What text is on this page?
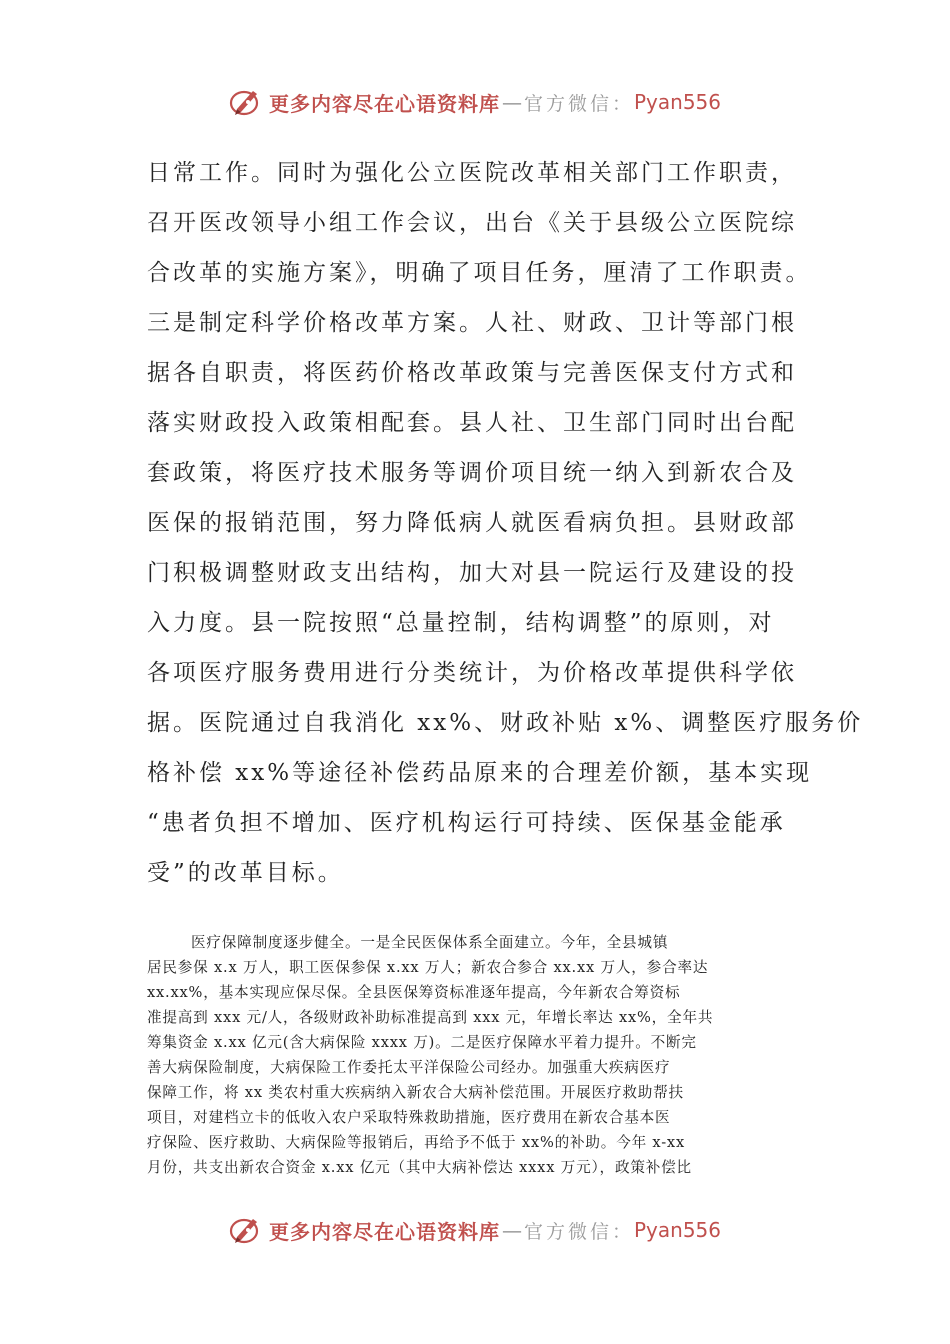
更多内容尽在心语资料库 — 官方微信： Pyan556
日常工作。同时为强化公立医院改革相关部门工作职责，
召开医改领导小组工作会议，出台《关于县级公立医院综
合改革的实施方案》，明确了项目任务，厘清了工作职责。
三是制定科学价格改革方案。人社、财政、卫计等部门根
据各自职责，将医药价格改革政策与完善医保支付方式和
落实财政投入政策相配套。县人社、卫生部门同时出台配
套政策，将医疗技术服务等调价项目统一纳入到新农合及
医保的报销范围，努力降低病人就医看病负担。县财政部
门积极调整财政支出结构，加大对县一院运行及建设的投
入力度。县一院按照“总量控制，结构调整”的原则，对
各项医疗服务费用进行分类统计，为价格改革提供科学依
据。医院通过自我消化 xx%、财政补贴 x%、调整医疗服务价
格补偿 xx%等途径补偿药品原来的合理差价额，基本实现
“患者负担不增加、医疗机构运行可持续、医保基金能承
受”的改革目标。
医疗保障制度逐步健全。一是全民医保体系全面建立。今年，全县城镇
居民参保 x.x 万人，职工医保参保 x.xx 万人；新农合参合 xx.xx 万人，参合率达
xx.xx%，基本实现应保尽保。全县医保筹资标准逐年提高，今年新农合筹资标
准提高到 xxx 元/人，各级财政补助标准提高到 xxx 元，年增长率达 xx%，全年共
筹集资金 x.xx 亿元(含大病保险 xxxx 万)。二是医疗保障水平着力提升。不断完
善大病保险制度，大病保险工作委托太平洋保险公司经办。加强重大疾病医疗
保障工作，将 xx 类农村重大疾病纳入新农合大病补偿范围。开展医疗救助帮扶
项目，对建档立卡的低收入农户采取特殊救助措施，医疗费用在新农合基本医
疗保险、医疗救助、大病保险等报销后，再给予不低于 xx%的补助。今年 x-xx
月份，共支出新农合资金 x.xx 亿元（其中大病补偿达 xxxx 万元），政策补偿比
更多内容尽在心语资料库 — 官方微信： Pyan556
